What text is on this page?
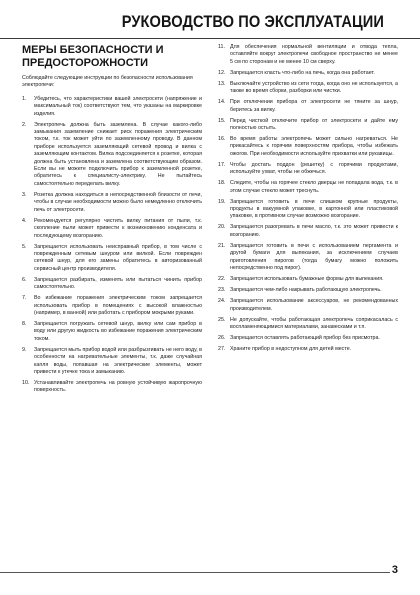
РУКОВОДСТВО ПО ЭКСПЛУАТАЦИИ
МЕРЫ БЕЗОПАСНОСТИ И ПРЕДОСТОРОЖНОСТИ

Соблюдайте следующие инструкции по безопасности использования электропечи:

1.	Убедитесь, что характеристики вашей электросети (напряжение и максимальный ток) соответствуют тем, что указаны на маркировке изделия.
2.	Электропечь должна быть заземлена. В случае какого-либо замыкания заземление снижает риск поражения электрическим током, т.к. ток может уйти по заземленному проводу. В данном приборе используется заземляющий сетевой провод и вилка с заземляющим контактом. Вилка подсоединяется к розетке, которая должна быть установлена и заземлена соответствующим образом. Если вы не можете подключить прибор к заземленной розетке, обратитесь к специалисту-электрику. Не пытайтесь самостоятельно переделать вилку.
3.	Розетка должна находиться в непосредственной близости от печи, чтобы в случае необходимости можно было немедленно отключить печь от электросети.
4.	Рекомендуется регулярно чистить вилку питания от пыли, т.к. скопление пыли может привести к возникновению конденсата и последующему возгоранию.
5.	Запрещается использовать неисправный прибор, в том числе с поврежденным сетевым шнуром или вилкой. Если поврежден сетевой шнур, для его замены обратитесь в авторизованный сервисный центр производителя.
6.	Запрещается разбирать, изменять или пытаться чинить прибор самостоятельно.
7.	Во избежание поражения электрическим током запрещается использовать прибор в помещениях с высокой влажностью (например, в ванной) или работать с прибором мокрыми руками.
8.	Запрещается погружать сетевой шнур, вилку или сам прибор в воду или другую жидкость во избежание поражения электрическим током.
9.	Запрещается мыть прибор водой или разбрызгивать не него воду, в особенности на нагревательные элементы, т.к. даже случайная капля воды, попавшая на электрические элементы, может привести к утечке тока и замыканию.
10. Устанавливайте электропечь на ровную устойчивую жаропрочную поверхность.
11. Для обеспечения нормальной вентиляции и отвода тепла, оставляйте вокруг электропечи свободное пространство не менее 5 см по сторонам и не менее 10 см сверху.
12. Запрещается класть что-либо на печь, когда она работает.
13. Выключайте устройство из сети тогда, когда оно не используется, а также во время сборки, разборки или чистки.
14. При отключении прибора от электросети не тяните за шнур, беритесь за вилку.
15. Перед чисткой отключите прибор от электросети и дайте ему полностью остыть.
16. Во время работы электропечь может сильно нагреваться. Не прикасайтесь к горячим поверхностям прибора, чтобы избежать ожогов. При необходимости используйте прихватки или рукавицы.
17. Чтобы достать поддон (решетку) с горячими продуктами, используйте ухват, чтобы не обжечься.
18. Следите, чтобы на горячее стекло дверцы не попадала вода, т.к. в этом случае стекло может треснуть.
19. Запрещается готовить в печи слишком крупные продукты, продукты в вакуумной упаковке, в картонной или пластиковой упаковке, в противном случае возможно возгорание.
20. Запрещается разогревать в печи масло, т.к. это может привести к возгоранию.
21. Запрещается готовить в печи с использованием пергамента и другой бумаги для выпекания, за исключением случаев приготовления пирогов (тогда бумагу можно положить непосредственно под пирог).
22. Запрещается использовать бумажные формы для выпекания.
23. Запрещается чем-либо накрывать работающую электропечь.
24. Запрещается использование аксессуаров, не рекомендованных производителем.
25. Не допускайте, чтобы работающая электропечь соприкасалась с воспламеняющимися материалами, занавесками и т.п.
26. Запрещается оставлять работающий прибор без присмотра.
27. Храните прибор в недоступном для детей месте.
3
